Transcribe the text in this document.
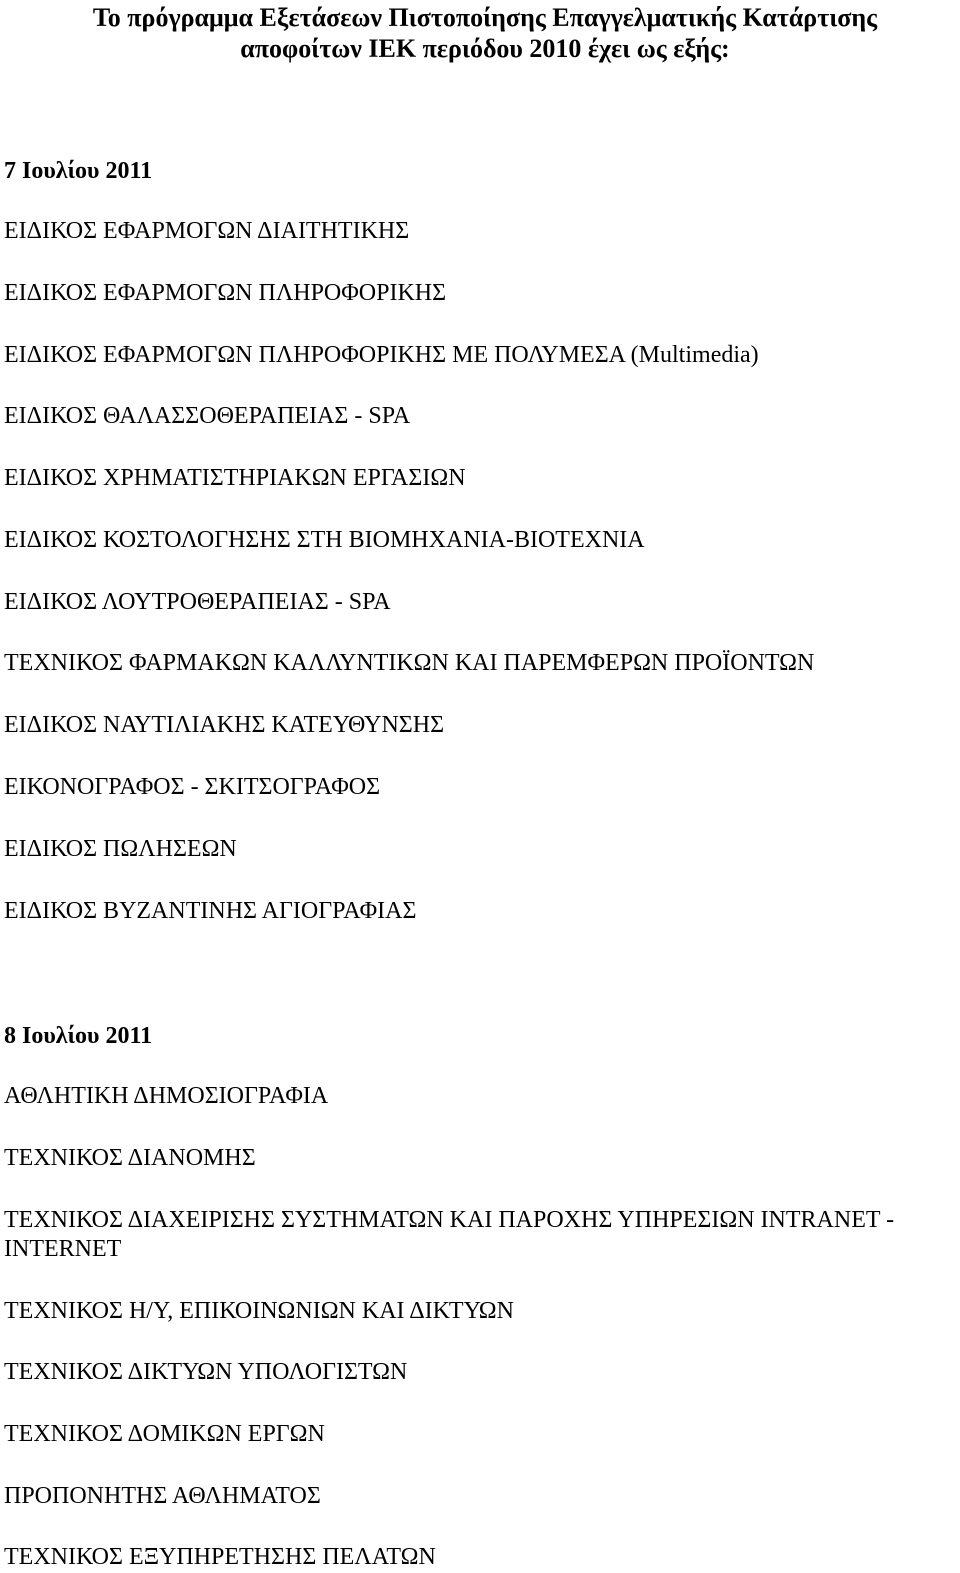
Το πρόγραμμα Εξετάσεων Πιστοποίησης Επαγγελματικής Κατάρτισης
αποφοίτων ΙΕΚ περιόδου 2010 έχει ως εξής:
7 Ιουλίου 2011
ΕΙΔΙΚΟΣ ΕΦΑΡΜΟΓΩΝ ΔΙΑΙΤΗΤΙΚΗΣ
ΕΙΔΙΚΟΣ ΕΦΑΡΜΟΓΩΝ ΠΛΗΡΟΦΟΡΙΚΗΣ
ΕΙΔΙΚΟΣ ΕΦΑΡΜΟΓΩΝ ΠΛΗΡΟΦΟΡΙΚΗΣ ΜΕ ΠΟΛΥΜΕΣΑ (Multimedia)
ΕΙΔΙΚΟΣ ΘΑΛΑΣΣΟΘΕΡΑΠΕΙΑΣ - SPA
ΕΙΔΙΚΟΣ ΧΡΗΜΑΤΙΣΤΗΡΙΑΚΩΝ ΕΡΓΑΣΙΩΝ
ΕΙΔΙΚΟΣ ΚΟΣΤΟΛΟΓΗΣΗΣ ΣΤΗ ΒΙΟΜΗΧΑΝΙΑ-ΒΙΟΤΕΧΝΙΑ
ΕΙΔΙΚΟΣ ΛΟΥΤΡΟΘΕΡΑΠΕΙΑΣ - SPA
ΤΕΧΝΙΚΟΣ ΦΑΡΜΑΚΩΝ ΚΑΛΛΥΝΤΙΚΩΝ ΚΑΙ ΠΑΡΕΜΦΕΡΩΝ ΠΡΟΪΟΝΤΩΝ
ΕΙΔΙΚΟΣ ΝΑΥΤΙΛΙΑΚΗΣ ΚΑΤΕΥΘΥΝΣΗΣ
ΕΙΚΟΝΟΓΡΑΦΟΣ - ΣΚΙΤΣΟΓΡΑΦΟΣ
ΕΙΔΙΚΟΣ ΠΩΛΗΣΕΩΝ
ΕΙΔΙΚΟΣ ΒΥΖΑΝΤΙΝΗΣ ΑΓΙΟΓΡΑΦΙΑΣ
8 Ιουλίου 2011
ΑΘΛΗΤΙΚΗ ΔΗΜΟΣΙΟΓΡΑΦΙΑ
ΤΕΧΝΙΚΟΣ ΔΙΑΝΟΜΗΣ
ΤΕΧΝΙΚΟΣ ΔΙΑΧΕΙΡΙΣΗΣ ΣΥΣΤΗΜΑΤΩΝ ΚΑΙ ΠΑΡΟΧΗΣ ΥΠΗΡΕΣΙΩΝ INTRANET - INTERNET
ΤΕΧΝΙΚΟΣ Η/Υ, ΕΠΙΚΟΙΝΩΝΙΩΝ ΚΑΙ ΔΙΚΤΥΩΝ
ΤΕΧΝΙΚΟΣ ΔΙΚΤΥΩΝ ΥΠΟΛΟΓΙΣΤΩΝ
ΤΕΧΝΙΚΟΣ ΔΟΜΙΚΩΝ ΕΡΓΩΝ
ΠΡΟΠΟΝΗΤΗΣ ΑΘΛΗΜΑΤΟΣ
ΤΕΧΝΙΚΟΣ ΕΞΥΠΗΡΕΤΗΣΗΣ ΠΕΛΑΤΩΝ
